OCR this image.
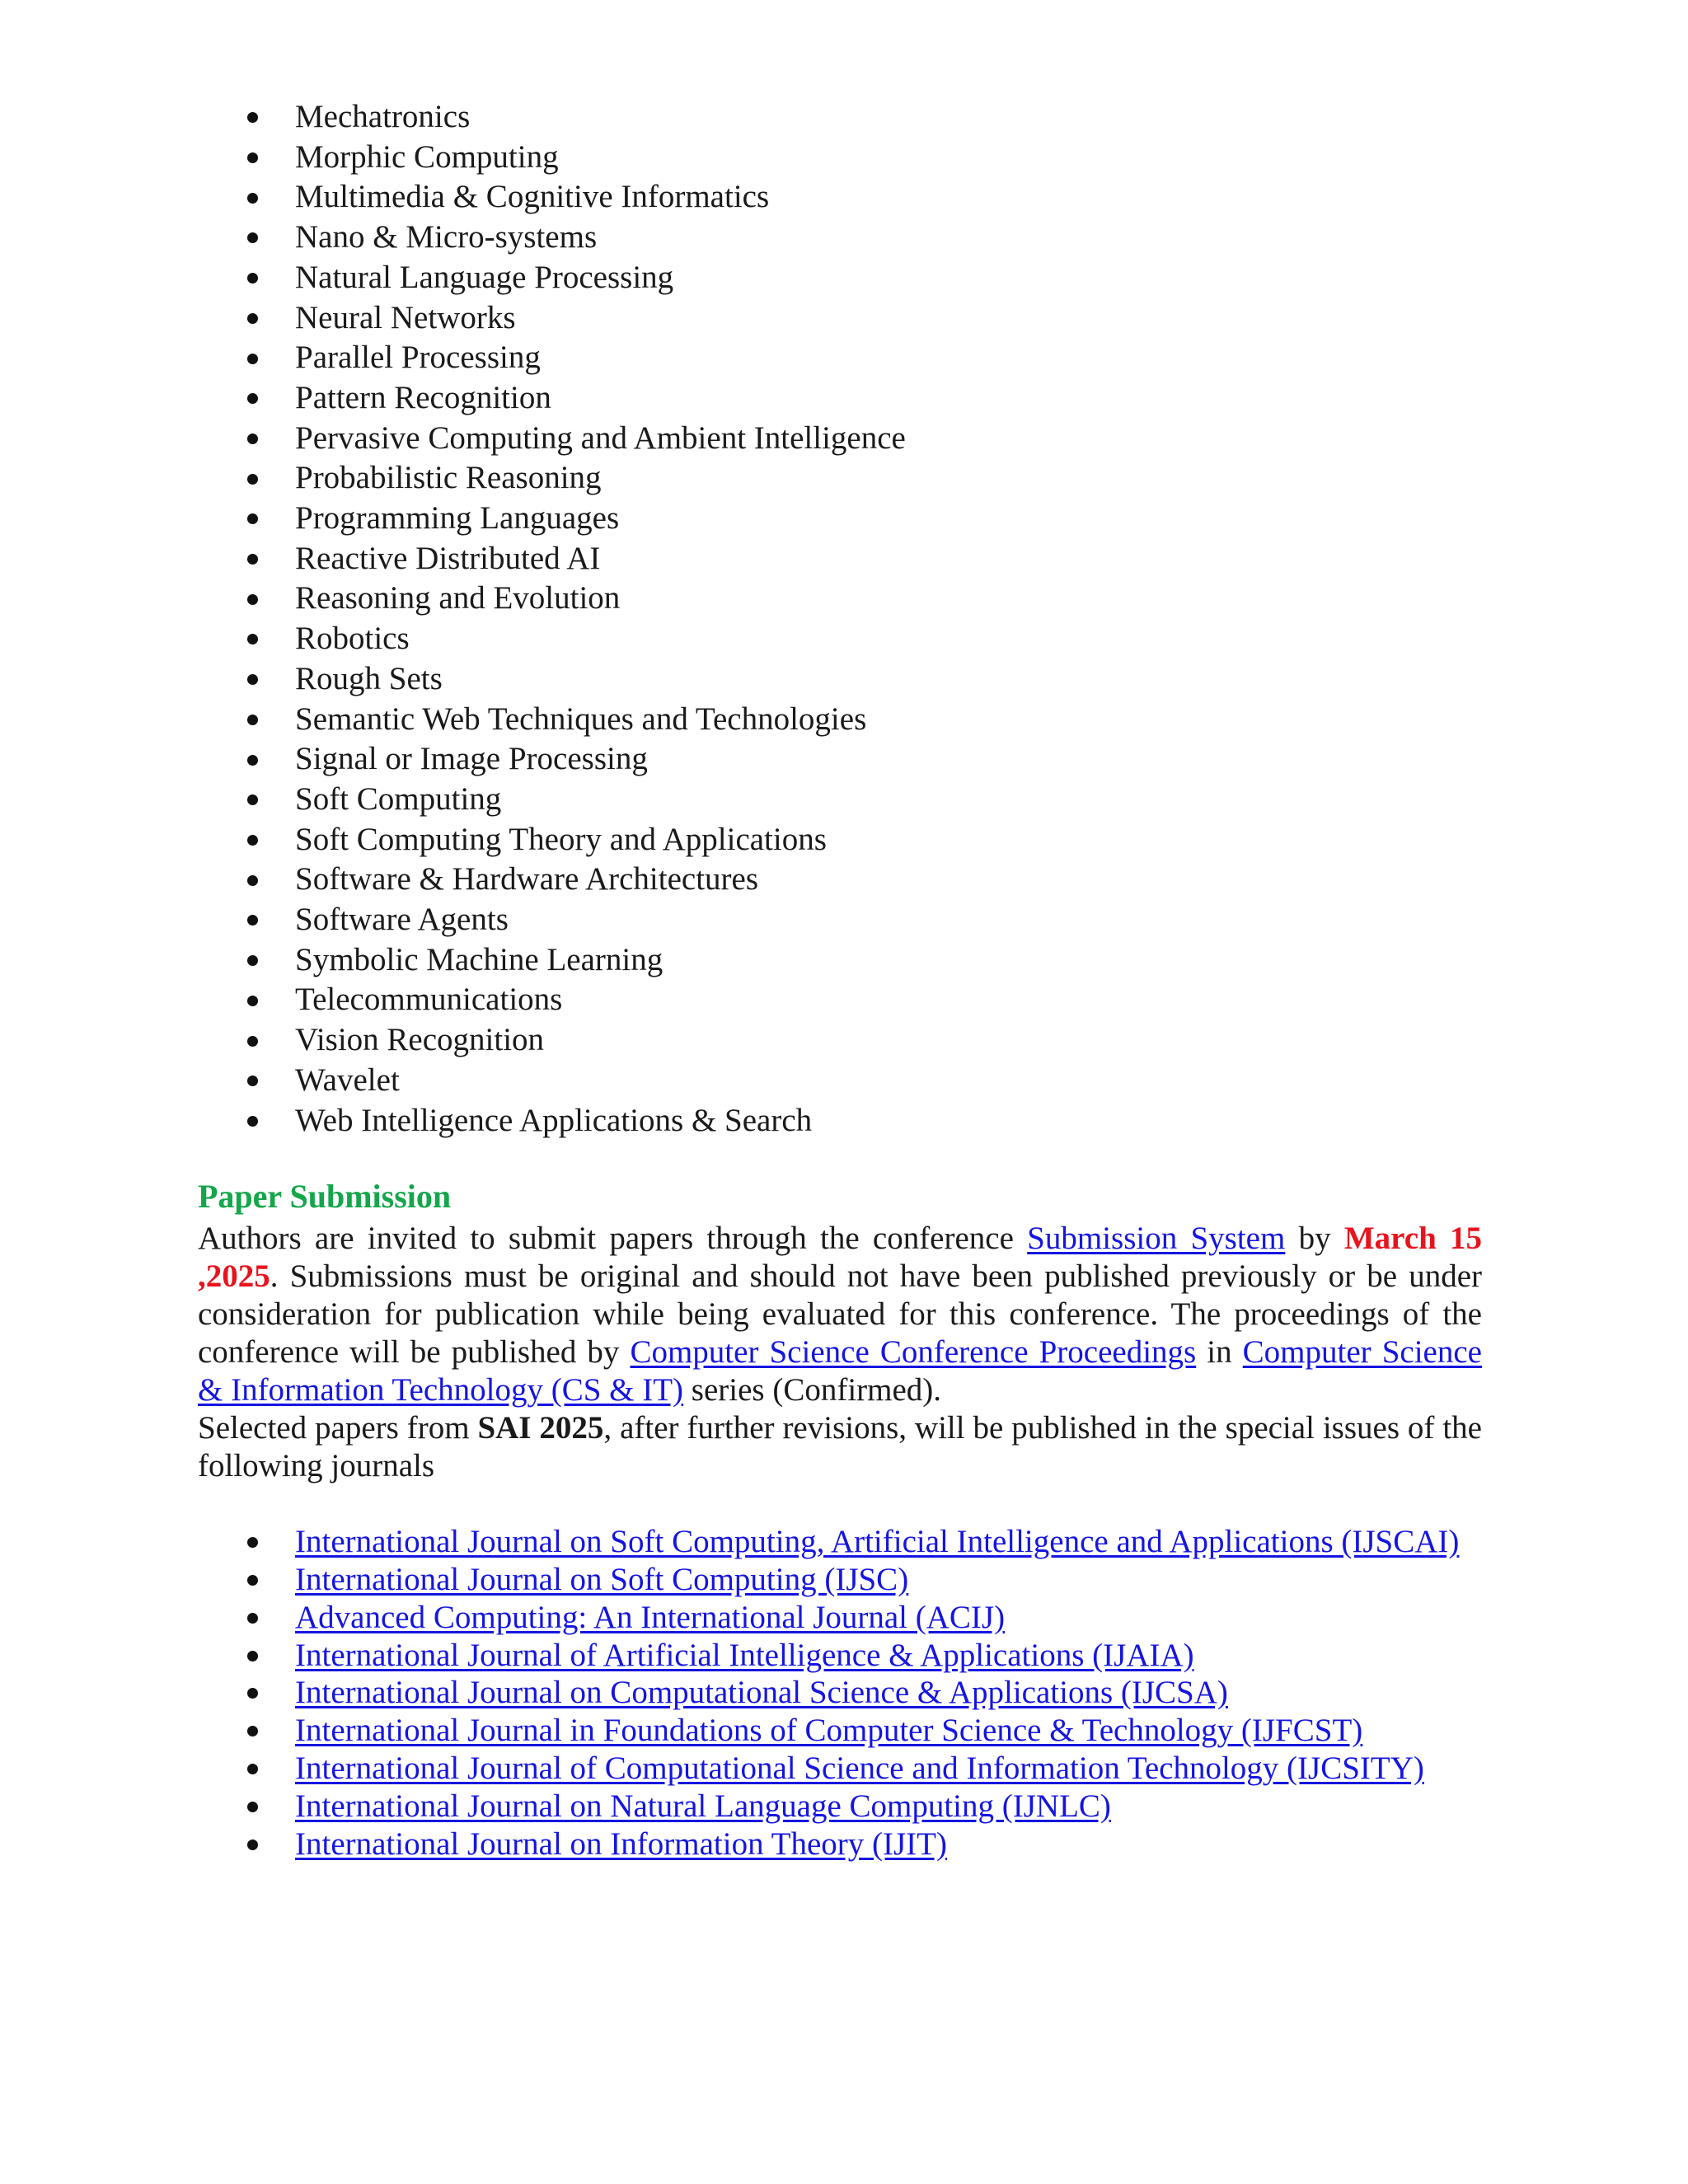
Mechatronics
Morphic Computing
Multimedia & Cognitive Informatics
Nano & Micro-systems
Natural Language Processing
Neural Networks
Parallel Processing
Pattern Recognition
Pervasive Computing and Ambient Intelligence
Probabilistic Reasoning
Programming Languages
Reactive Distributed AI
Reasoning and Evolution
Robotics
Rough Sets
Semantic Web Techniques and Technologies
Signal or Image Processing
Soft Computing
Soft Computing Theory and Applications
Software & Hardware Architectures
Software Agents
Symbolic Machine Learning
Telecommunications
Vision Recognition
Wavelet
Web Intelligence Applications & Search
Paper Submission

Authors are invited to submit papers through the conference Submission System by March 15 ,2025. Submissions must be original and should not have been published previously or be under consideration for publication while being evaluated for this conference. The proceedings of the conference will be published by Computer Science Conference Proceedings in Computer Science & Information Technology (CS & IT) series (Confirmed).

Selected papers from SAI 2025, after further revisions, will be published in the special issues of the following journals

International Journal on Soft Computing, Artificial Intelligence and Applications (IJSCAI)
International Journal on Soft Computing (IJSC)
Advanced Computing: An International Journal (ACIJ)
International Journal of Artificial Intelligence & Applications (IJAIA)
International Journal on Computational Science & Applications (IJCSA)
International Journal in Foundations of Computer Science & Technology (IJFCST)
International Journal of Computational Science and Information Technology (IJCSITY)
International Journal on Natural Language Computing (IJNLC)
International Journal on Information Theory (IJIT)
